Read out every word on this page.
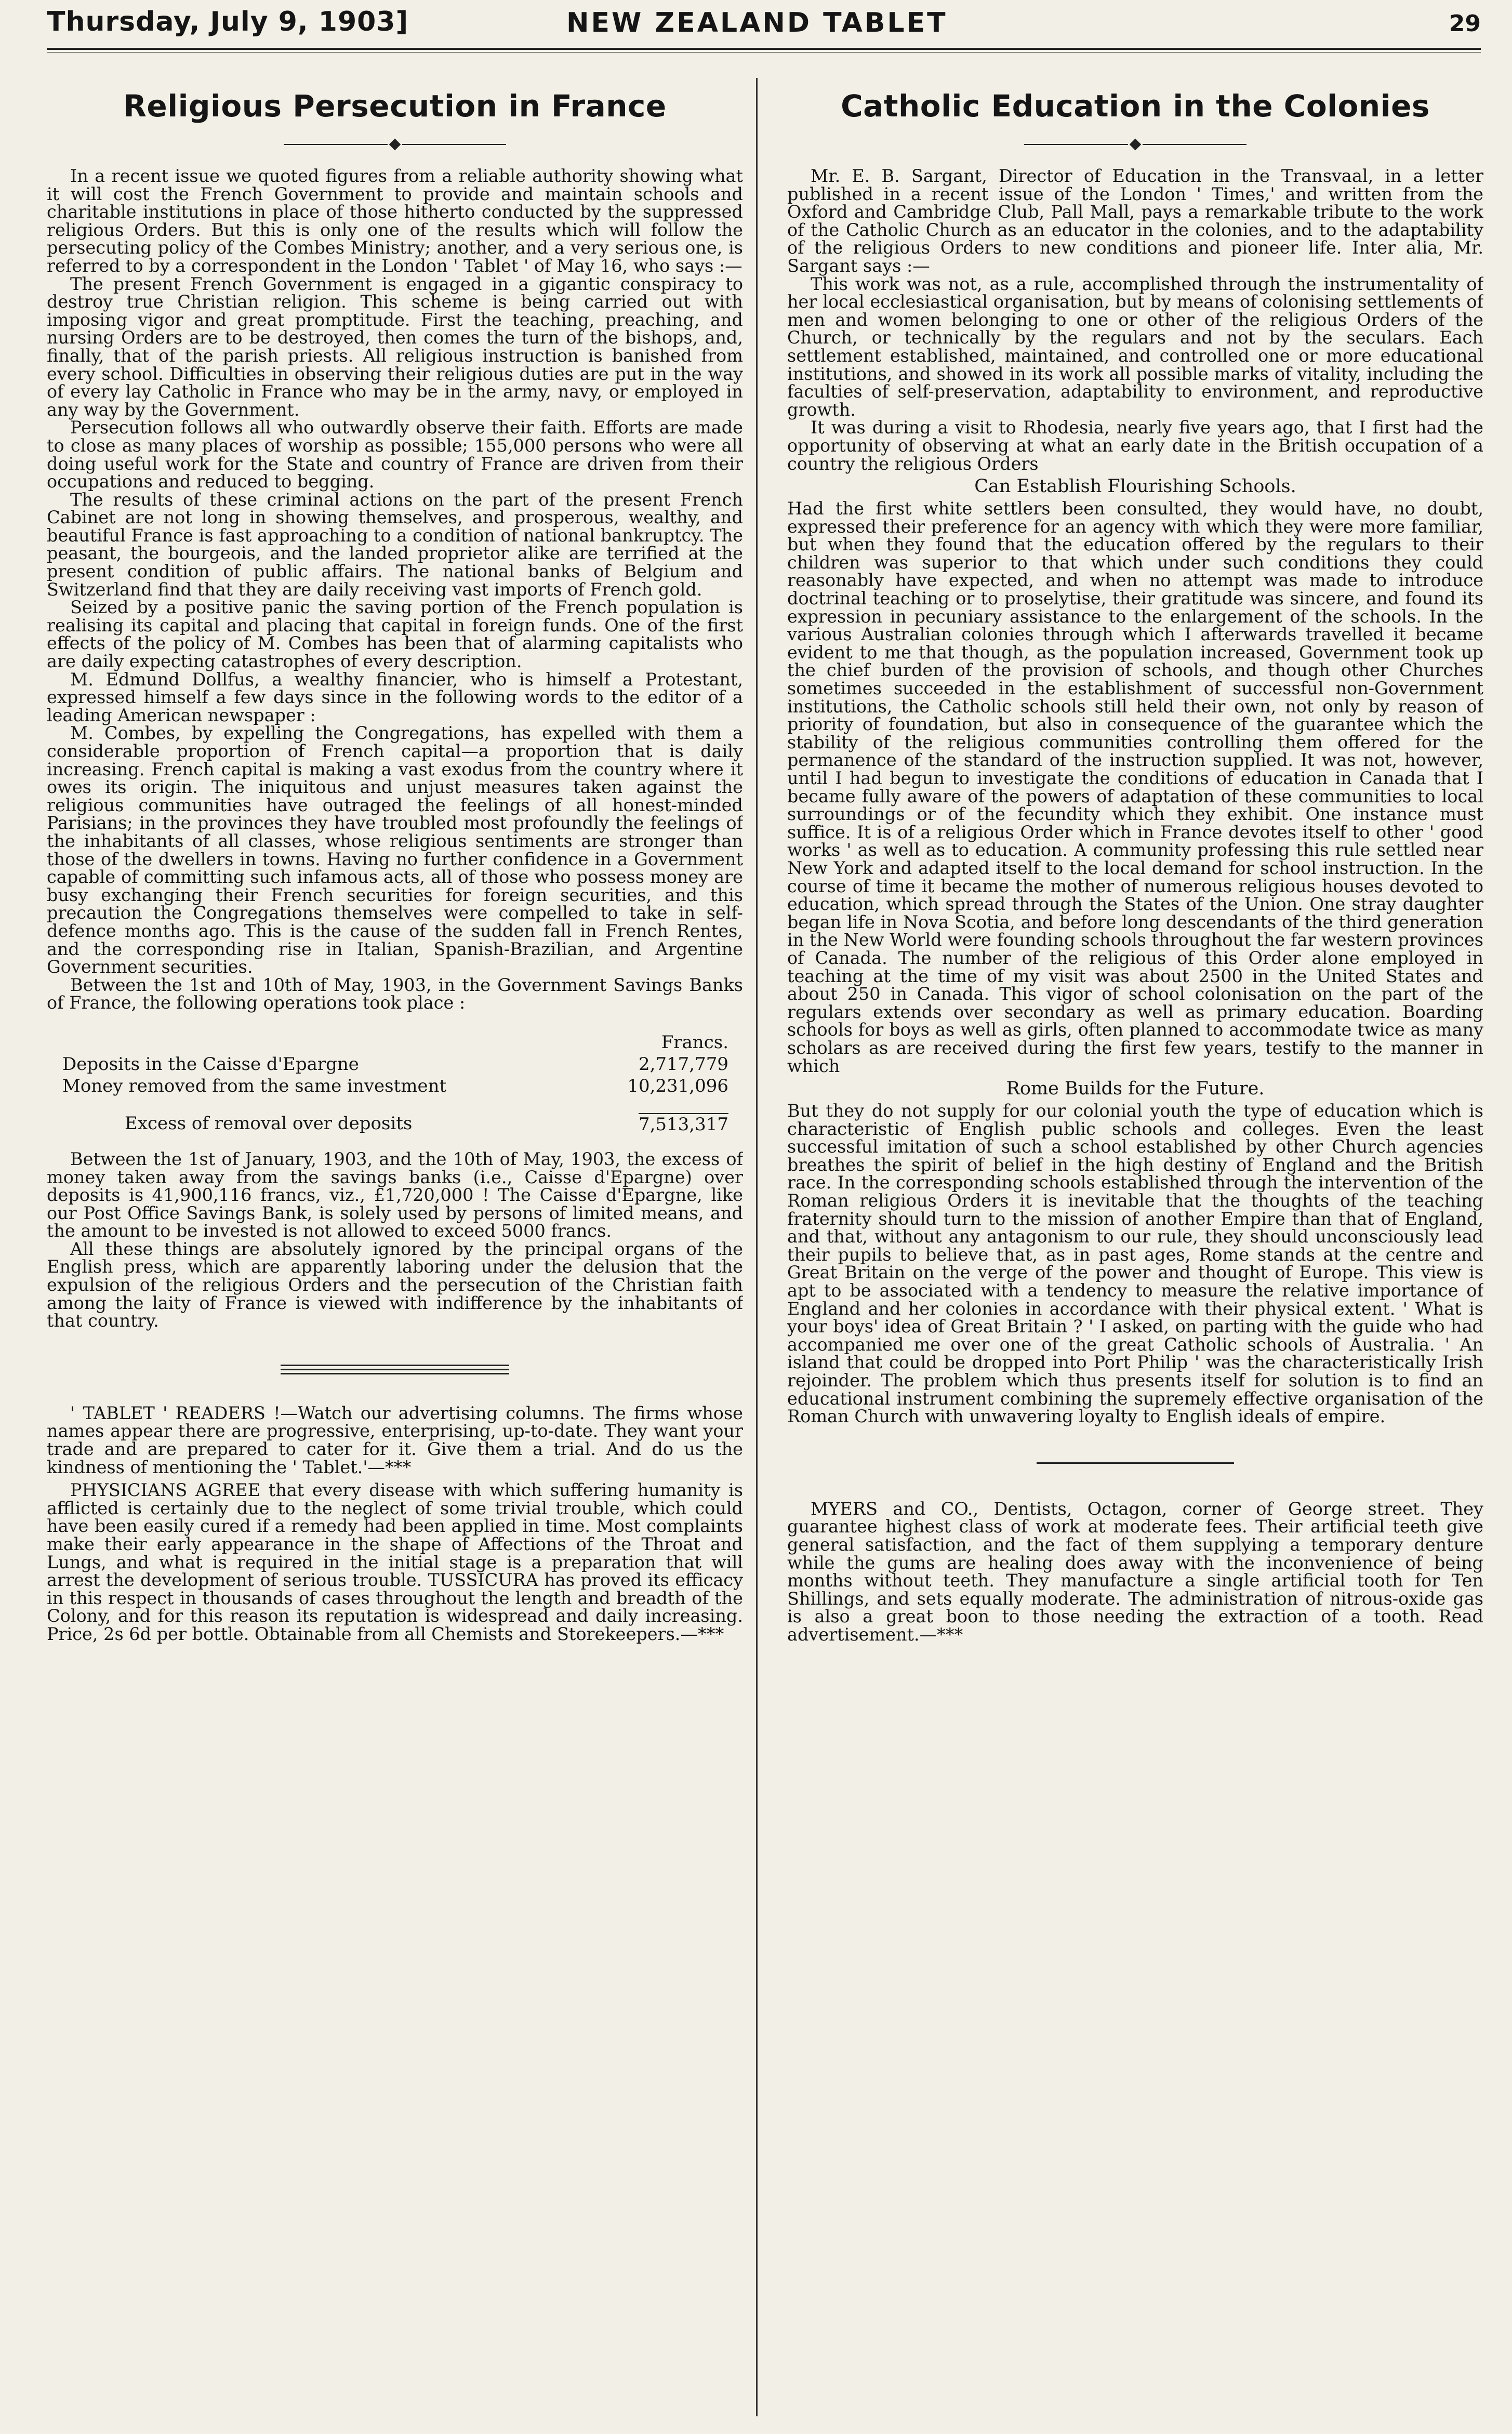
Thursday, July 9, 1903]	NEW ZEALAND TABLET	29
Religious Persecution in France

In a recent issue we quoted figures from a reliable authority showing what it will cost the French Government to provide and maintain schools and charitable institutions in place of those hitherto conducted by the suppressed religious Orders. But this is only one of the results which will follow the persecuting policy of the Combes Ministry; another, and a very serious one, is referred to by a correspondent in the London ' Tablet ' of May 16, who says :—

The present French Government is engaged in a gigantic conspiracy to destroy true Christian religion. This scheme is being carried out with imposing vigor and great promptitude. First the teaching, preaching, and nursing Orders are to be destroyed, then comes the turn of the bishops, and, finally, that of the parish priests. All religious instruction is banished from every school. Difficulties in observing their religious duties are put in the way of every lay Catholic in France who may be in the army, navy, or employed in any way by the Government.

Persecution follows all who outwardly observe their faith. Efforts are made to close as many places of worship as possible; 155,000 persons who were all doing useful work for the State and country of France are driven from their occupations and reduced to begging.

The results of these criminal actions on the part of the present French Cabinet are not long in showing themselves, and prosperous, wealthy, and beautiful France is fast approaching to a condition of national bankruptcy. The peasant, the bourgeois, and the landed proprietor alike are terrified at the present condition of public affairs. The national banks of Belgium and Switzerland find that they are daily receiving vast imports of French gold.

Seized by a positive panic the saving portion of the French population is realising its capital and placing that capital in foreign funds. One of the first effects of the policy of M. Combes has been that of alarming capitalists who are daily expecting catastrophes of every description.

M. Edmund Dollfus, a wealthy financier, who is himself a Protestant, expressed himself a few days since in the following words to the editor of a leading American newspaper :

M. Combes, by expelling the Congregations, has expelled with them a considerable proportion of French capital—a proportion that is daily increasing. French capital is making a vast exodus from the country where it owes its origin. The iniquitous and unjust measures taken against the religious communities have outraged the feelings of all honest-minded Parisians; in the provinces they have troubled most profoundly the feelings of the inhabitants of all classes, whose religious sentiments are stronger than those of the dwellers in towns. Having no further confidence in a Government capable of committing such infamous acts, all of those who possess money are busy exchanging their French securities for foreign securities, and this precaution the Congregations themselves were compelled to take in self-defence months ago. This is the cause of the sudden fall in French Rentes, and the corresponding rise in Italian, Spanish-Brazilian, and Argentine Government securities.

Between the 1st and 10th of May, 1903, in the Government Savings Banks of France, the following operations took place :

Francs.
Deposits in the Caisse d'Epargne	2,717,779
Money removed from the same investment	10,231,096
Excess of removal over deposits	7,513,317

Between the 1st of January, 1903, and the 10th of May, 1903, the excess of money taken away from the savings banks (i.e., Caisse d'Epargne) over deposits is 41,900,116 francs, viz., £1,720,000 ! The Caisse d'Epargne, like our Post Office Savings Bank, is solely used by persons of limited means, and the amount to be invested is not allowed to exceed 5000 francs.

All these things are absolutely ignored by the principal organs of the English press, which are apparently laboring under the delusion that the expulsion of the religious Orders and the persecution of the Christian faith among the laity of France is viewed with indifference by the inhabitants of that country.

' TABLET ' READERS !—Watch our advertising columns. The firms whose names appear there are progressive, enterprising, up-to-date. They want your trade and are prepared to cater for it. Give them a trial. And do us the kindness of mentioning the ' Tablet.'—***

PHYSICIANS AGREE that every disease with which suffering humanity is afflicted is certainly due to the neglect of some trivial trouble, which could have been easily cured if a remedy had been applied in time. Most complaints make their early appearance in the shape of Affections of the Throat and Lungs, and what is required in the initial stage is a preparation that will arrest the development of serious trouble. TUSSICURA has proved its efficacy in this respect in thousands of cases throughout the length and breadth of the Colony, and for this reason its reputation is widespread and daily increasing. Price, 2s 6d per bottle. Obtainable from all Chemists and Storekeepers.—***

Catholic Education in the Colonies

Mr. E. B. Sargant, Director of Education in the Transvaal, in a letter published in a recent issue of the London ' Times,' and written from the Oxford and Cambridge Club, Pall Mall, pays a remarkable tribute to the work of the Catholic Church as an educator in the colonies, and to the adaptability of the religious Orders to new conditions and pioneer life. Inter alia, Mr. Sargant says :—

This work was not, as a rule, accomplished through the instrumentality of her local ecclesiastical organisation, but by means of colonising settlements of men and women belonging to one or other of the religious Orders of the Church, or technically by the regulars and not by the seculars. Each settlement established, maintained, and controlled one or more educational institutions, and showed in its work all possible marks of vitality, including the faculties of self-preservation, adaptability to environment, and reproductive growth.

It was during a visit to Rhodesia, nearly five years ago, that I first had the opportunity of observing at what an early date in the British occupation of a country the religious Orders

Can Establish Flourishing Schools.

Had the first white settlers been consulted, they would have, no doubt, expressed their preference for an agency with which they were more familiar, but when they found that the education offered by the regulars to their children was superior to that which under such conditions they could reasonably have expected, and when no attempt was made to introduce doctrinal teaching or to proselytise, their gratitude was sincere, and found its expression in pecuniary assistance to the enlargement of the schools. In the various Australian colonies through which I afterwards travelled it became evident to me that though, as the population increased, Government took up the chief burden of the provision of schools, and though other Churches sometimes succeeded in the establishment of successful non-Government institutions, the Catholic schools still held their own, not only by reason of priority of foundation, but also in consequence of the guarantee which the stability of the religious communities controlling them offered for the permanence of the standard of the instruction supplied. It was not, however, until I had begun to investigate the conditions of education in Canada that I became fully aware of the powers of adaptation of these communities to local surroundings or of the fecundity which they exhibit. One instance must suffice. It is of a religious Order which in France devotes itself to other ' good works ' as well as to education. A community professing this rule settled near New York and adapted itself to the local demand for school instruction. In the course of time it became the mother of numerous religious houses devoted to education, which spread through the States of the Union. One stray daughter began life in Nova Scotia, and before long descendants of the third generation in the New World were founding schools throughout the far western provinces of Canada. The number of the religious of this Order alone employed in teaching at the time of my visit was about 2500 in the United States and about 250 in Canada. This vigor of school colonisation on the part of the regulars extends over secondary as well as primary education. Boarding schools for boys as well as girls, often planned to accommodate twice as many scholars as are received during the first few years, testify to the manner in which

Rome Builds for the Future.

But they do not supply for our colonial youth the type of education which is characteristic of English public schools and colleges. Even the least successful imitation of such a school established by other Church agencies breathes the spirit of belief in the high destiny of England and the British race. In the corresponding schools established through the intervention of the Roman religious Orders it is inevitable that the thoughts of the teaching fraternity should turn to the mission of another Empire than that of England, and that, without any antagonism to our rule, they should unconsciously lead their pupils to believe that, as in past ages, Rome stands at the centre and Great Britain on the verge of the power and thought of Europe. This view is apt to be associated with a tendency to measure the relative importance of England and her colonies in accordance with their physical extent. ' What is your boys' idea of Great Britain ? ' I asked, on parting with the guide who had accompanied me over one of the great Catholic schools of Australia. ' An island that could be dropped into Port Philip ' was the characteristically Irish rejoinder. The problem which thus presents itself for solution is to find an educational instrument combining the supremely effective organisation of the Roman Church with unwavering loyalty to English ideals of empire.

MYERS and CO., Dentists, Octagon, corner of George street. They guarantee highest class of work at moderate fees. Their artificial teeth give general satisfaction, and the fact of them supplying a temporary denture while the gums are healing does away with the inconvenience of being months without teeth. They manufacture a single artificial tooth for Ten Shillings, and sets equally moderate. The administration of nitrous-oxide gas is also a great boon to those needing the extraction of a tooth. Read advertisement.—***
